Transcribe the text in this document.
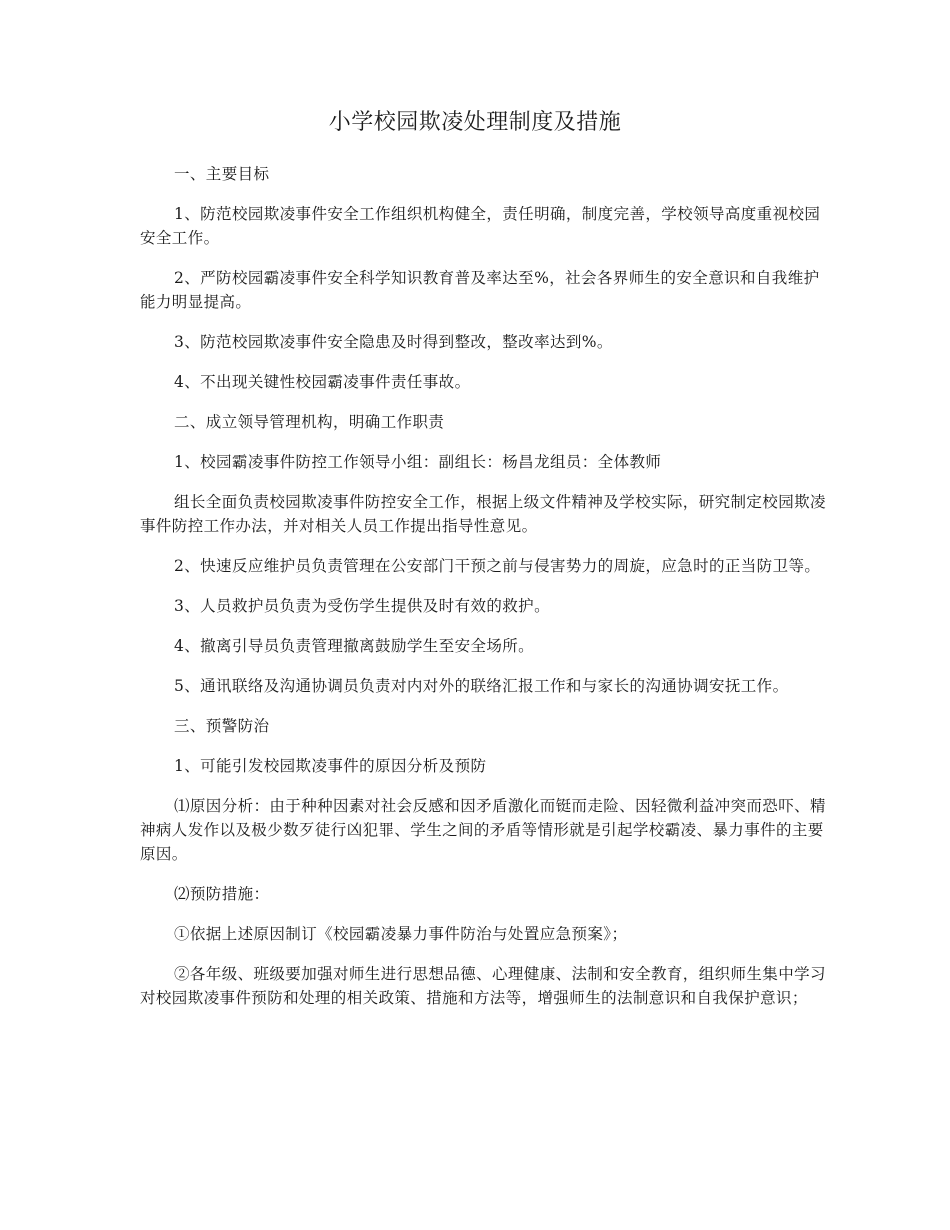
小学校园欺凌处理制度及措施

一、主要目标

1、防范校园欺凌事件安全工作组织机构健全，责任明确，制度完善，学校领导高度重视校园安全工作。

2、严防校园霸凌事件安全科学知识教育普及率达至%，社会各界师生的安全意识和自我维护能力明显提高。

3、防范校园欺凌事件安全隐患及时得到整改，整改率达到%。

4、不出现关键性校园霸凌事件责任事故。

二、成立领导管理机构，明确工作职责

1、校园霸凌事件防控工作领导小组：副组长：杨昌龙组员：全体教师

组长全面负责校园欺凌事件防控安全工作，根据上级文件精神及学校实际，研究制定校园欺凌事件防控工作办法，并对相关人员工作提出指导性意见。

2、快速反应维护员负责管理在公安部门干预之前与侵害势力的周旋，应急时的正当防卫等。

3、人员救护员负责为受伤学生提供及时有效的救护。

4、撤离引导员负责管理撤离鼓励学生至安全场所。

5、通讯联络及沟通协调员负责对内对外的联络汇报工作和与家长的沟通协调安抚工作。

三、预警防治

1、可能引发校园欺凌事件的原因分析及预防

⑴原因分析：由于种种因素对社会反感和因矛盾激化而铤而走险、因轻微利益冲突而恐吓、精神病人发作以及极少数歹徒行凶犯罪、学生之间的矛盾等情形就是引起学校霸凌、暴力事件的主要原因。

⑵预防措施：

①依据上述原因制订《校园霸凌暴力事件防治与处置应急预案》；

②各年级、班级要加强对师生进行思想品德、心理健康、法制和安全教育，组织师生集中学习对校园欺凌事件预防和处理的相关政策、措施和方法等，增强师生的法制意识和自我保护意识；
